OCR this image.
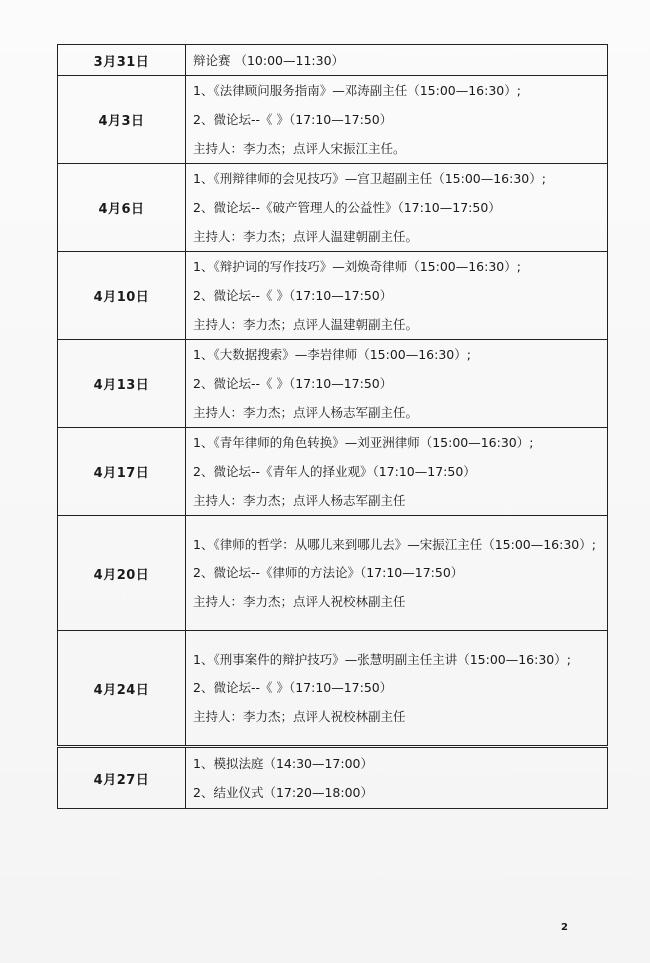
3月31日	辩论赛 （10:00—11:30）

4月3日	1、《法律顾问服务指南》—邓涛副主任（15:00—16:30）;
2、微论坛--《 》（17:10—17:50）
主持人：李力杰；点评人宋振江主任。

4月6日	1、《刑辩律师的会见技巧》—宫卫超副主任（15:00—16:30）;
2、微论坛--《破产管理人的公益性》（17:10—17:50）
主持人：李力杰；点评人温建朝副主任。

4月10日	1、《辩护词的写作技巧》—刘焕奇律师（15:00—16:30）;
2、微论坛--《 》（17:10—17:50）
主持人：李力杰；点评人温建朝副主任。

4月13日	1、《大数据搜索》—李岩律师（15:00—16:30）;
2、微论坛--《 》（17:10—17:50）
主持人：李力杰；点评人杨志军副主任。

4月17日	1、《青年律师的角色转换》—刘亚洲律师（15:00—16:30）;
2、微论坛--《青年人的择业观》（17:10—17:50）
主持人：李力杰；点评人杨志军副主任

4月20日	1、《律师的哲学：从哪儿来到哪儿去》—宋振江主任（15:00—16:30）;
2、微论坛--《律师的方法论》（17:10—17:50）
主持人：李力杰；点评人祝校林副主任

4月24日	1、《刑事案件的辩护技巧》—张慧明副主任主讲（15:00—16:30）;
2、微论坛--《 》（17:10—17:50）
主持人：李力杰；点评人祝校林副主任

4月27日	1、模拟法庭（14:30—17:00）
2、结业仪式（17:20—18:00）
2
